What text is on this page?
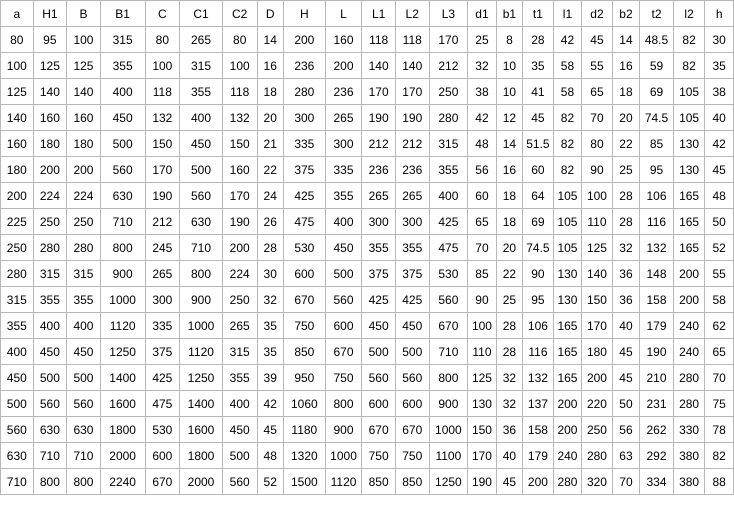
a	H1	B	B1	C	C1	C2	D	H	L	L1	L2	L3	d1	b1	t1	l1	d2	b2	t2	l2	h
80	95	100	315	80	265	80	14	200	160	118	118	170	25	8	28	42	45	14	48.5	82	30
100	125	125	355	100	315	100	16	236	200	140	140	212	32	10	35	58	55	16	59	82	35
125	140	140	400	118	355	118	18	280	236	170	170	250	38	10	41	58	65	18	69	105	38
140	160	160	450	132	400	132	20	300	265	190	190	280	42	12	45	82	70	20	74.5	105	40
160	180	180	500	150	450	150	21	335	300	212	212	315	48	14	51.5	82	80	22	85	130	42
180	200	200	560	170	500	160	22	375	335	236	236	355	56	16	60	82	90	25	95	130	45
200	224	224	630	190	560	170	24	425	355	265	265	400	60	18	64	105	100	28	106	165	48
225	250	250	710	212	630	190	26	475	400	300	300	425	65	18	69	105	110	28	116	165	50
250	280	280	800	245	710	200	28	530	450	355	355	475	70	20	74.5	105	125	32	132	165	52
280	315	315	900	265	800	224	30	600	500	375	375	530	85	22	90	130	140	36	148	200	55
315	355	355	1000	300	900	250	32	670	560	425	425	560	90	25	95	130	150	36	158	200	58
355	400	400	1120	335	1000	265	35	750	600	450	450	670	100	28	106	165	170	40	179	240	62
400	450	450	1250	375	1120	315	35	850	670	500	500	710	110	28	116	165	180	45	190	240	65
450	500	500	1400	425	1250	355	39	950	750	560	560	800	125	32	132	165	200	45	210	280	70
500	560	560	1600	475	1400	400	42	1060	800	600	600	900	130	32	137	200	220	50	231	280	75
560	630	630	1800	530	1600	450	45	1180	900	670	670	1000	150	36	158	200	250	56	262	330	78
630	710	710	2000	600	1800	500	48	1320	1000	750	750	1100	170	40	179	240	280	63	292	380	82
710	800	800	2240	670	2000	560	52	1500	1120	850	850	1250	190	45	200	280	320	70	334	380	88
